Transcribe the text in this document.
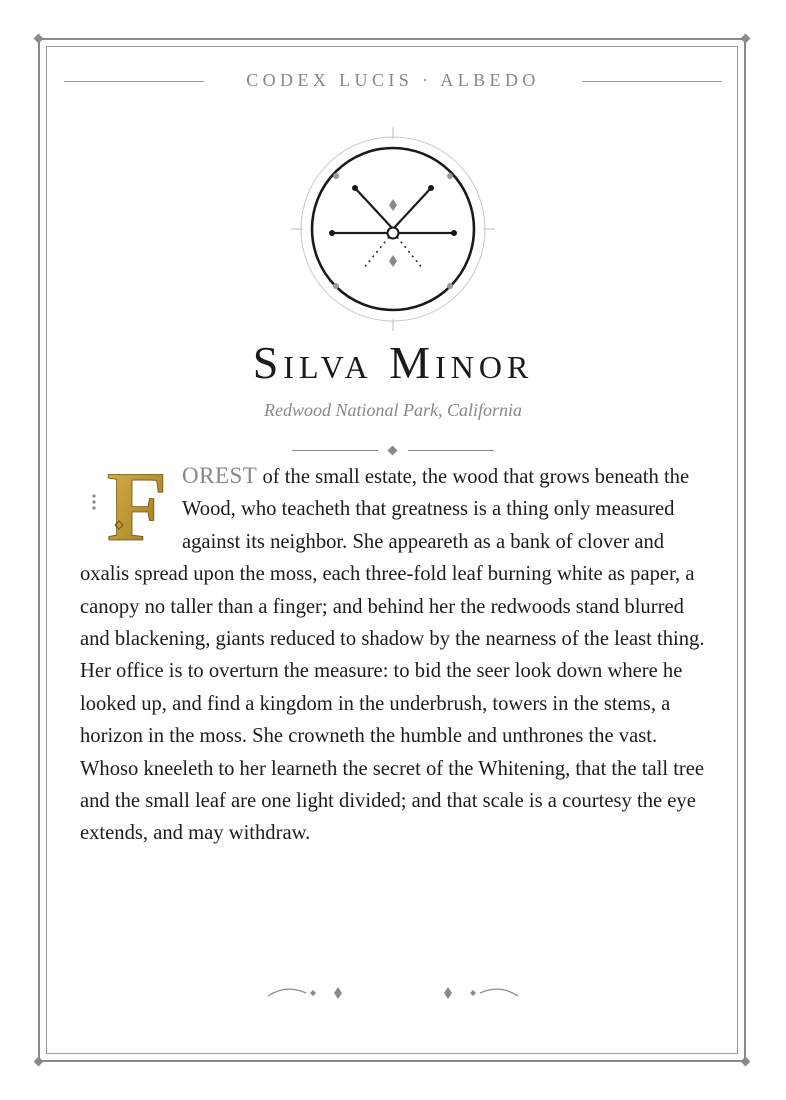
CODEX LUCIS · ALBEDO
Silva Minor
Redwood National Park, California
F OREST of the small estate, the wood that grows beneath the Wood, who teacheth that greatness is a thing only measured against its neighbor. She appeareth as a bank of clover and oxalis spread upon the moss, each three-fold leaf burning white as paper, a canopy no taller than a finger; and behind her the redwoods stand blurred and blackening, giants reduced to shadow by the nearness of the least thing. Her office is to overturn the measure: to bid the seer look down where he looked up, and find a kingdom in the underbrush, towers in the stems, a horizon in the moss. She crowneth the humble and unthrones the vast. Whoso kneeleth to her learneth the secret of the Whitening, that the tall tree and the small leaf are one light divided; and that scale is a courtesy the eye extends, and may withdraw.
